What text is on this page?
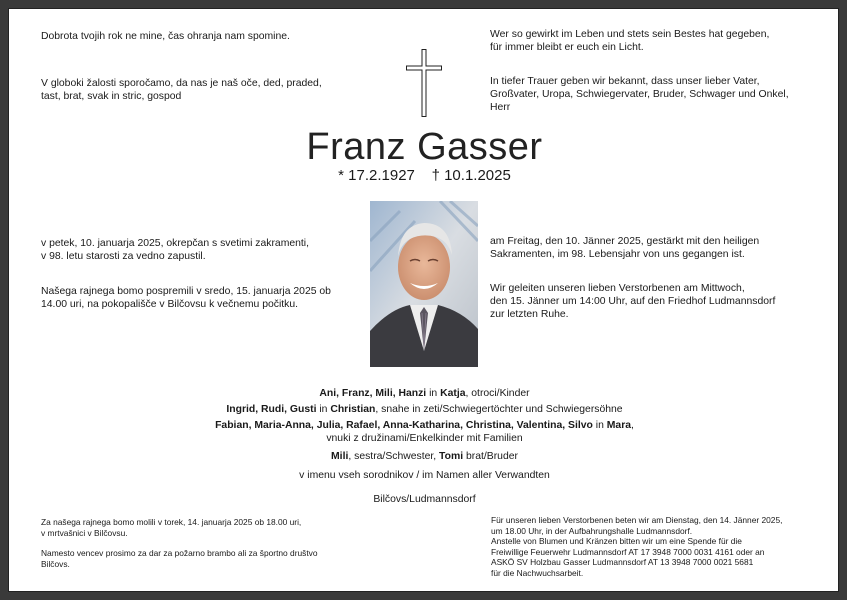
Dobrota tvojih rok ne mine, čas ohranja nam spomine.
V globoki žalosti sporočamo, da nas je naš oče, ded, praded,
tast, brat, svak in stric, gospod
v petek, 10. januarja 2025, okrepčan s svetimi zakramenti,
v 98. letu starosti za vedno zapustil.
Našega rajnega bomo pospremili v sredo, 15. januarja 2025 ob
14.00 uri, na pokopališče v Bilčovsu k večnemu počitku.
Wer so gewirkt im Leben und stets sein Bestes hat gegeben,
für immer bleibt er euch ein Licht.
In tiefer Trauer geben wir bekannt, dass unser lieber Vater,
Großvater, Uropa, Schwiegervater, Bruder, Schwager und Onkel,
Herr
am Freitag, den 10. Jänner 2025, gestärkt mit den heiligen
Sakramenten, im 98. Lebensjahr von uns gegangen ist.
Wir geleiten unseren lieben Verstorbenen am Mittwoch,
den 15. Jänner um 14:00 Uhr, auf den Friedhof Ludmannsdorf
zur letzten Ruhe.
Franz Gasser
* 17.2.1927 † 10.1.2025
Ani, Franz, Mili, Hanzi in Katja, otroci/Kinder
Ingrid, Rudi, Gusti in Christian, snahe in zeti/Schwiegertöchter und Schwiegersöhne
Fabian, Maria-Anna, Julia, Rafael, Anna-Katharina, Christina, Valentina, Silvo in Mara,
vnuki z družinami/Enkelkinder mit Familien
Mili, sestra/Schwester, Tomi brat/Bruder
v imenu vseh sorodnikov / im Namen aller Verwandten
Bilčovs/Ludmannsdorf
Za našega rajnega bomo molili v torek, 14. januarja 2025 ob 18.00 uri,
v mrtvašnici v Bilčovsu.
Namesto vencev prosimo za dar za požarno brambo ali za športno društvo
Bilčovs.
Für unseren lieben Verstorbenen beten wir am Dienstag, den 14. Jänner 2025,
um 18.00 Uhr, in der Aufbahrungshalle Ludmannsdorf.
Anstelle von Blumen und Kränzen bitten wir um eine Spende für die
Freiwillige Feuerwehr Ludmannsdorf AT 17 3948 7000 0031 4161 oder an
ASKÖ SV Holzbau Gasser Ludmannsdorf AT 13 3948 7000 0021 5681
für die Nachwuchsarbeit.
